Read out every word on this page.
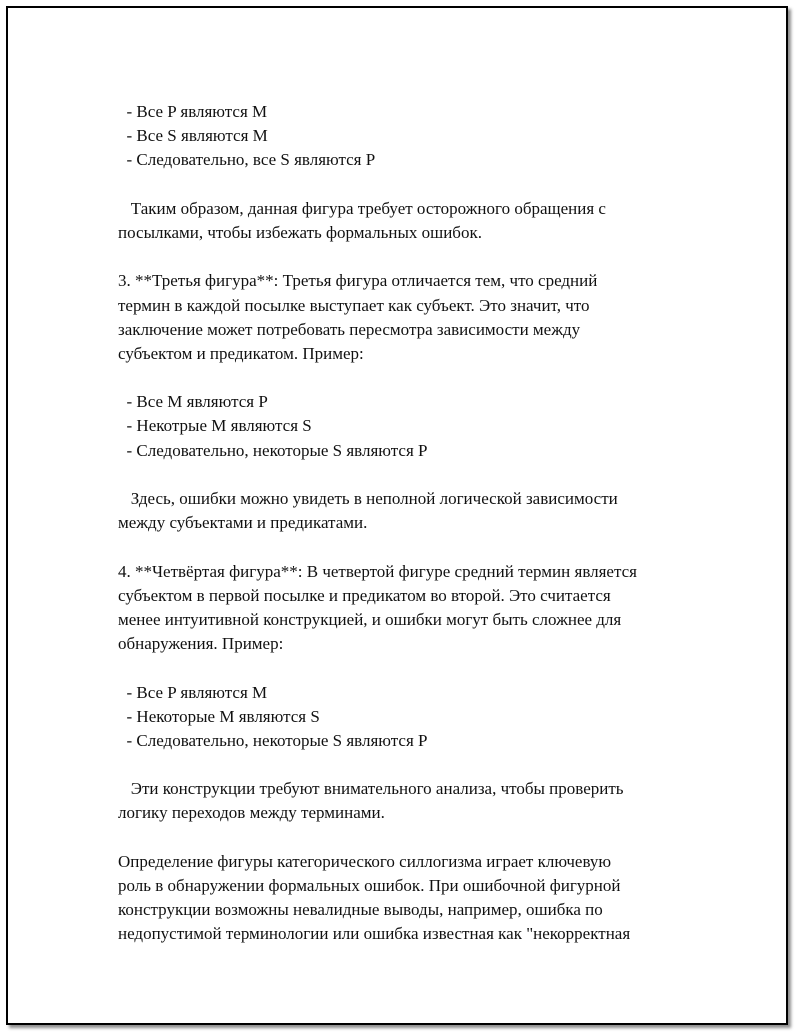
- Все P являются M

- Все S являются M

- Следовательно, все S являются P

Таким образом, данная фигура требует осторожного обращения с

посылками, чтобы избежать формальных ошибок.

3. **Третья фигура**: Третья фигура отличается тем, что средний

термин в каждой посылке выступает как субъект. Это значит, что

заключение может потребовать пересмотра зависимости между

субъектом и предикатом. Пример:

- Все M являются P

- Некотрые M являются S

- Следовательно, некоторые S являются P

Здесь, ошибки можно увидеть в неполной логической зависимости

между субъектами и предикатами.

4. **Четвёртая фигура**: В четвертой фигуре средний термин является

субъектом в первой посылке и предикатом во второй. Это считается

менее интуитивной конструкцией, и ошибки могут быть сложнее для

обнаружения. Пример:

- Все P являются M

- Некоторые M являются S

- Следовательно, некоторые S являются P

Эти конструкции требуют внимательного анализа, чтобы проверить

логику переходов между терминами.

Определение фигуры категорического силлогизма играет ключевую

роль в обнаружении формальных ошибок. При ошибочной фигурной

конструкции возможны невалидные выводы, например, ошибка по

недопустимой терминологии или ошибка известная как "некорректная
